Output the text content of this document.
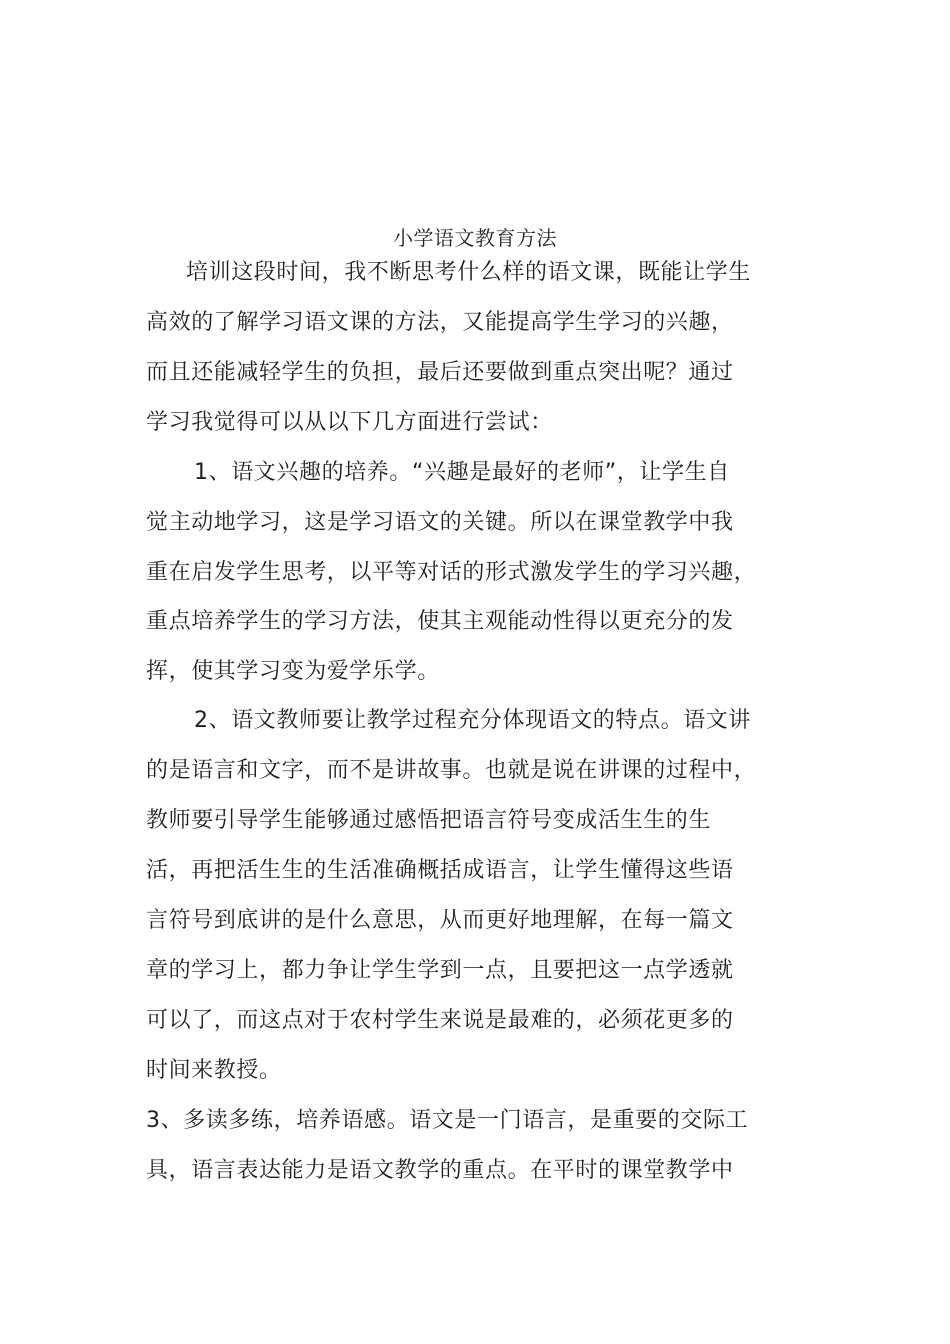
小学语文教育方法
培训这段时间，我不断思考什么样的语文课，既能让学生
高效的了解学习语文课的方法，又能提高学生学习的兴趣，
而且还能减轻学生的负担，最后还要做到重点突出呢？通过
学习我觉得可以从以下几方面进行尝试：
1、语文兴趣的培养。“兴趣是最好的老师”，让学生自
觉主动地学习，这是学习语文的关键。所以在课堂教学中我
重在启发学生思考，以平等对话的形式激发学生的学习兴趣，
重点培养学生的学习方法，使其主观能动性得以更充分的发
挥，使其学习变为爱学乐学。
2、语文教师要让教学过程充分体现语文的特点。语文讲
的是语言和文字，而不是讲故事。也就是说在讲课的过程中，
教师要引导学生能够通过感悟把语言符号变成活生生的生
活，再把活生生的生活准确概括成语言，让学生懂得这些语
言符号到底讲的是什么意思，从而更好地理解，在每一篇文
章的学习上，都力争让学生学到一点，且要把这一点学透就
可以了，而这点对于农村学生来说是最难的，必须花更多的
时间来教授。
3、多读多练，培养语感。语文是一门语言，是重要的交际工
具，语言表达能力是语文教学的重点。在平时的课堂教学中
